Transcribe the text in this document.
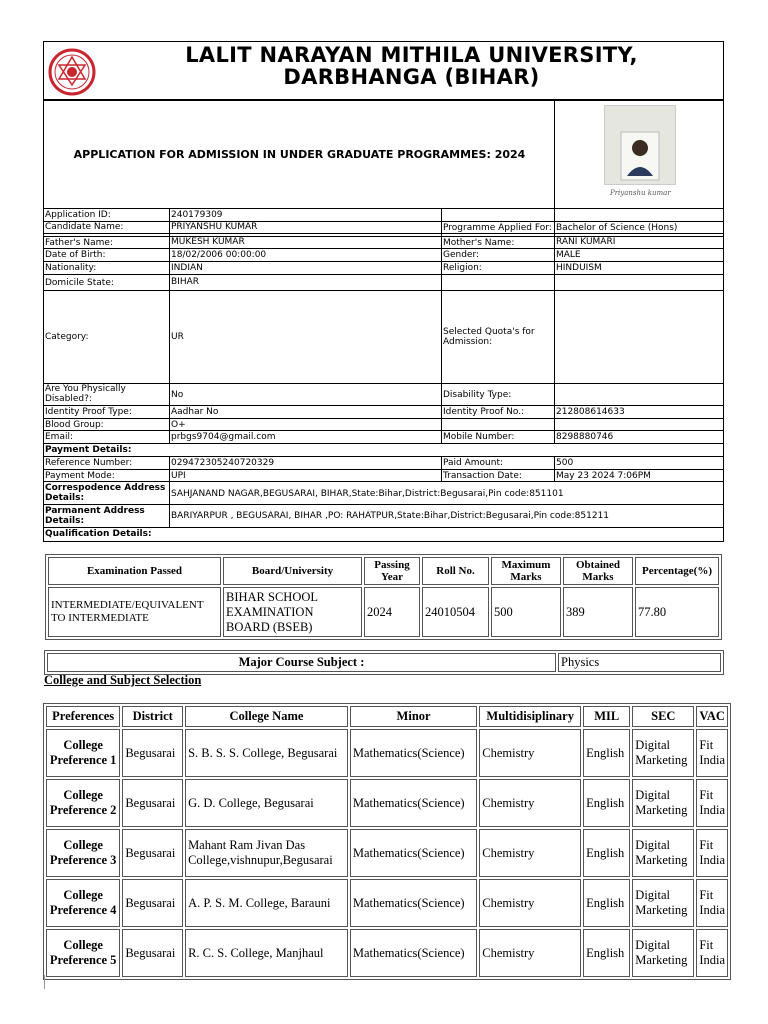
LALIT NARAYAN MITHILA UNIVERSITY,
DARBHANGA (BIHAR)
APPLICATION FOR ADMISSION IN UNDER GRADUATE PROGRAMMES: 2024
Priyanshu kumar
Application ID:	240179309
Candidate Name:	PRIYANSHU KUMAR	Programme Applied For: Bachelor of Science (Hons)
Father's Name:	MUKESH KUMAR	Mother's Name:	RANI KUMARI
Date of Birth:	18/02/2006 00:00:00	Gender:	MALE
Nationality:	INDIAN	Religion:	HINDUISM
Domicile State:	BIHAR
Category:	UR	Selected Quota's for Admission:
Are You Physically Disabled?:	No	Disability Type:
Identity Proof Type:	Aadhar No	Identity Proof No.:	212808614633
Blood Group:	O+
Email:	prbgs9704@gmail.com	Mobile Number:	8298880746
Payment Details:
Reference Number:	029472305240720329	Paid Amount:	500
Payment Mode:	UPI	Transaction Date:	May 23 2024 7:06PM
Correspodence Address Details:	SAHJANAND NAGAR,BEGUSARAI, BIHAR,State:Bihar,District:Begusarai,Pin code:851101
Parmanent Address Details:	BARIYARPUR , BEGUSARAI, BIHAR ,PO: RAHATPUR,State:Bihar,District:Begusarai,Pin code:851211
Qualification Details:
Examination Passed	Board/University	Passing Year	Roll No.	Maximum Marks	Obtained Marks	Percentage(%)
INTERMEDIATE/EQUIVALENT TO INTERMEDIATE	BIHAR SCHOOL EXAMINATION BOARD (BSEB)	2024	24010504	500	389	77.80
Major Course Subject :	Physics
College and Subject Selection
Preferences	District	College Name	Minor	Multidisiplinary	MIL	SEC	VAC
College Preference 1	Begusarai	S. B. S. S. College, Begusarai	Mathematics(Science)	Chemistry	English	Digital Marketing	Fit India
College Preference 2	Begusarai	G. D. College, Begusarai	Mathematics(Science)	Chemistry	English	Digital Marketing	Fit India
College Preference 3	Begusarai	Mahant Ram Jivan Das College,vishnupur,Begusarai	Mathematics(Science)	Chemistry	English	Digital Marketing	Fit India
College Preference 4	Begusarai	A. P. S. M. College, Barauni	Mathematics(Science)	Chemistry	English	Digital Marketing	Fit India
College Preference 5	Begusarai	R. C. S. College, Manjhaul	Mathematics(Science)	Chemistry	English	Digital Marketing	Fit India
